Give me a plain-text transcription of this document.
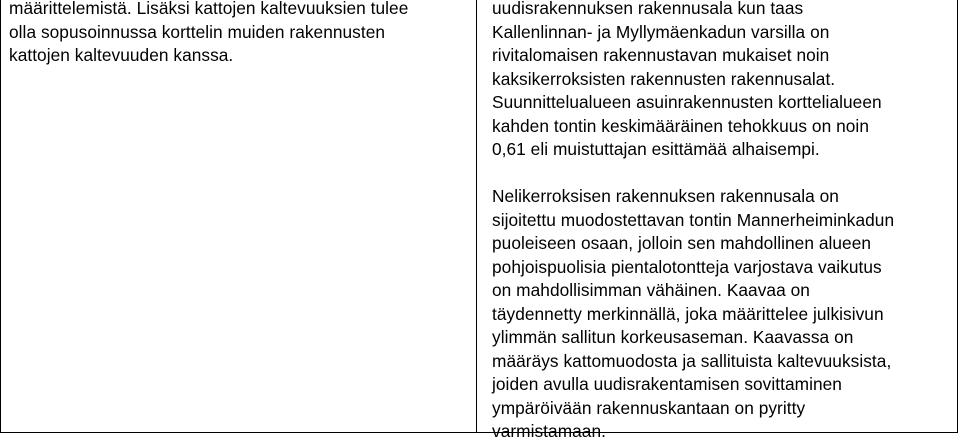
määrittelemistä. Lisäksi kattojen kaltevuuksien tulee
olla sopusoinnussa korttelin muiden rakennusten
kattojen kaltevuuden kanssa.

uudisrakennuksen rakennusala kun taas
Kallenlinnan- ja Myllymäenkadun varsilla on
rivitalomaisen rakennustavan mukaiset noin
kaksikerroksisten rakennusten rakennusalat.
Suunnittelualueen asuinrakennusten korttelialueen
kahden tontin keskimääräinen tehokkuus on noin
0,61 eli muistuttajan esittämää alhaisempi.

Nelikerroksisen rakennuksen rakennusala on
sijoitettu muodostettavan tontin Mannerheiminkadun
puoleiseen osaan, jolloin sen mahdollinen alueen
pohjoispuolisia pientalotontteja varjostava vaikutus
on mahdollisimman vähäinen. Kaavaa on
täydennetty merkinnällä, joka määrittelee julkisivun
ylimmän sallitun korkeusaseman. Kaavassa on
määräys kattomuodosta ja sallituista kaltevuuksista,
joiden avulla uudisrakentamisen sovittaminen
ympäröivään rakennuskantaan on pyritty
varmistamaan.
